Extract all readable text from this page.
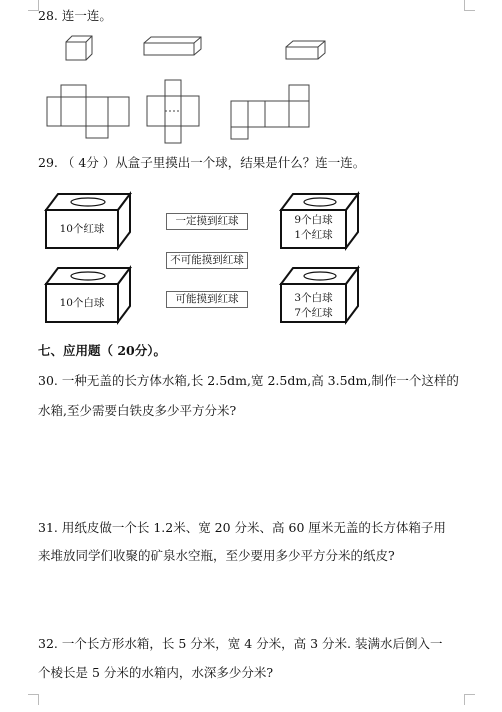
28. 连一连。
29. （ 4分 ）从盒子里摸出一个球，结果是什么？连一连。
10个红球
9个白球
1个红球
10个白球	3个白球
7个红球
一定摸到红球
不可能摸到红球
可能摸到红球
七、应用题（ 20分）。
30. 一种无盖的长方体水箱,长 2.5dm,宽 2.5dm,高 3.5dm,制作一个这样的
水箱,至少需要白铁皮多少平方分米?
31. 用纸皮做一个长 1.2米、宽 20 分米、高 60 厘米无盖的长方体箱子用
来堆放同学们收聚的矿泉水空瓶，至少要用多少平方分米的纸皮?
32. 一个长方形水箱，长 5 分米，宽 4 分米，高 3 分米. 装满水后倒入一
个棱长是 5 分米的水箱内，水深多少分米?
